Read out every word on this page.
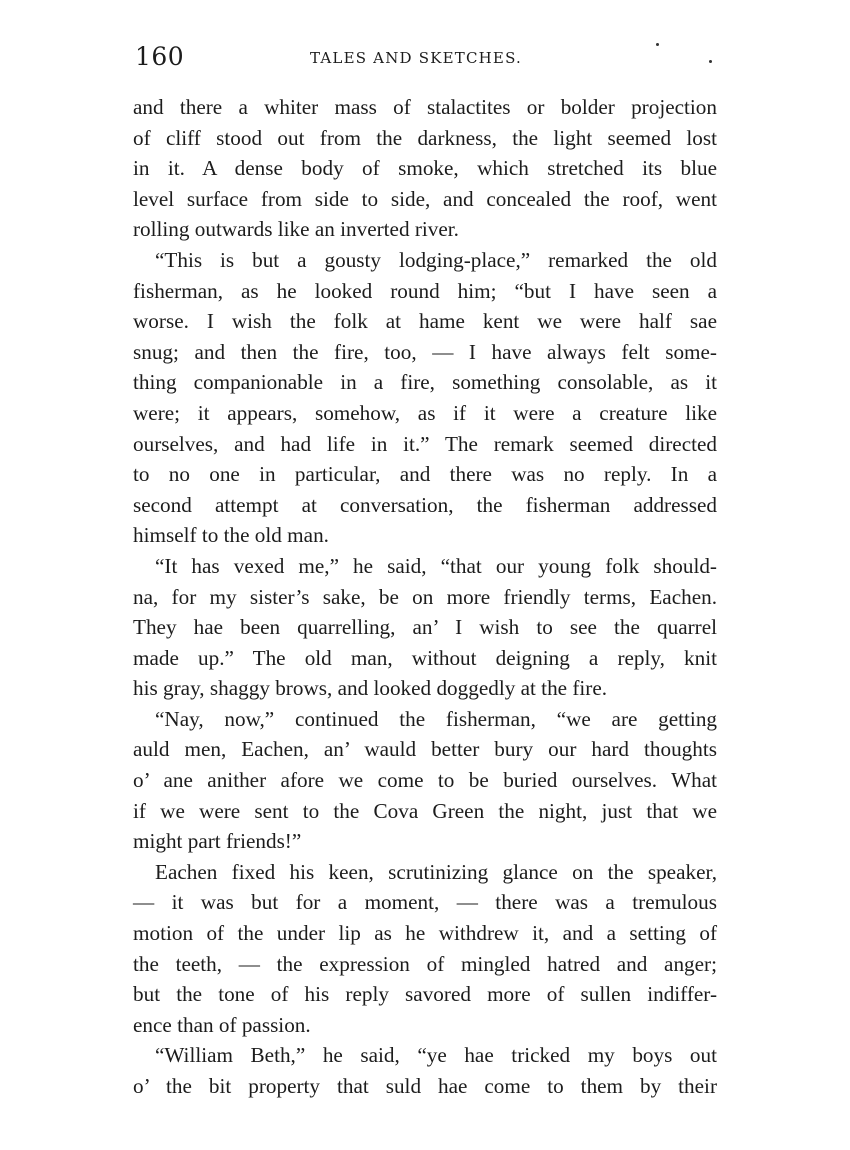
160	TALES AND SKETCHES.
and there a whiter mass of stalactites or bolder projection
of cliff stood out from the darkness, the light seemed lost
in it. A dense body of smoke, which stretched its blue
level surface from side to side, and concealed the roof, went
rolling outwards like an inverted river.
“This is but a gousty lodging-place,” remarked the old
fisherman, as he looked round him; “but I have seen a
worse. I wish the folk at hame kent we were half sae
snug; and then the fire, too, — I have always felt some-
thing companionable in a fire, something consolable, as it
were; it appears, somehow, as if it were a creature like
ourselves, and had life in it.” The remark seemed directed
to no one in particular, and there was no reply. In a
second attempt at conversation, the fisherman addressed
himself to the old man.
“It has vexed me,” he said, “that our young folk should-
na, for my sister’s sake, be on more friendly terms, Eachen.
They hae been quarrelling, an’ I wish to see the quarrel
made up.” The old man, without deigning a reply, knit
his gray, shaggy brows, and looked doggedly at the fire.
“Nay, now,” continued the fisherman, “we are getting
auld men, Eachen, an’ wauld better bury our hard thoughts
o’ ane anither afore we come to be buried ourselves. What
if we were sent to the Cova Green the night, just that we
might part friends!”
Eachen fixed his keen, scrutinizing glance on the speaker,
— it was but for a moment, — there was a tremulous
motion of the under lip as he withdrew it, and a setting of
the teeth, — the expression of mingled hatred and anger;
but the tone of his reply savored more of sullen indiffer-
ence than of passion.
“William Beth,” he said, “ye hae tricked my boys out
o’ the bit property that suld hae come to them by their
